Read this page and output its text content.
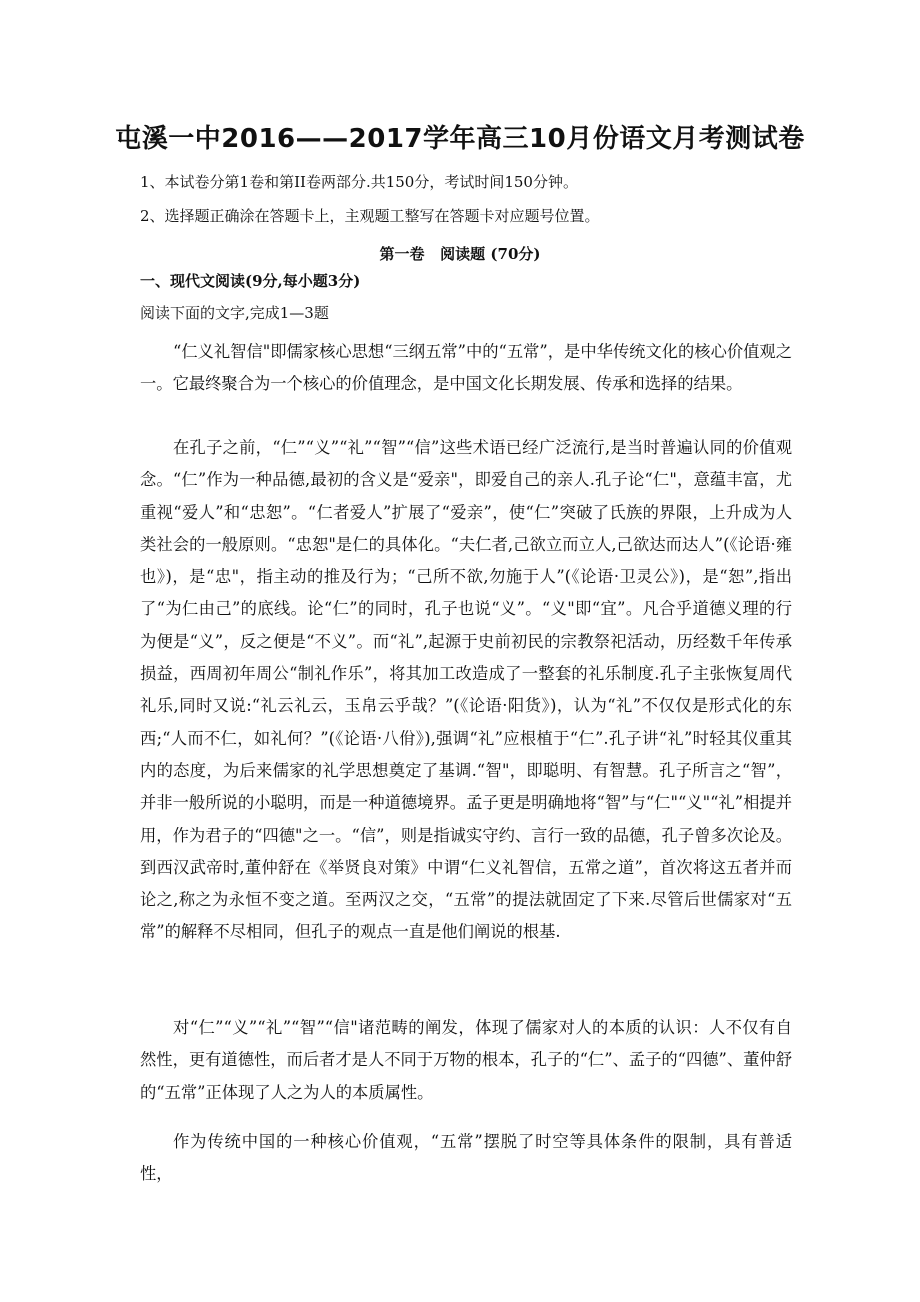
屯溪一中2016——2017学年高三10月份语文月考测试卷
1、本试卷分第1卷和第II卷两部分.共150分，考试时间150分钟。
2、选择题正确涂在答题卡上，主观题工整写在答题卡对应题号位置。
第一卷   阅读题 (70分)
一、现代文阅读(9分,每小题3分)
阅读下面的文字,完成1—3题

“仁义礼智信"即儒家核心思想“三纲五常”中的“五常”，是中华传统文化的核心价值观之一。它最终聚合为一个核心的价值理念，是中国文化长期发展、传承和选择的结果。

在孔子之前，“仁”“义”“礼”“智”“信”这些术语已经广泛流行,是当时普遍认同的价值观念。“仁”作为一种品德,最初的含义是“爱亲"，即爱自己的亲人.孔子论“仁"，意蕴丰富，尤重视“爱人”和“忠恕”。“仁者爱人”扩展了“爱亲”，使“仁”突破了氏族的界限，上升成为人类社会的一般原则。“忠恕"是仁的具体化。“夫仁者,己欲立而立人,己欲达而达人”(《论语·雍也》)，是“忠"，指主动的推及行为；“己所不欲,勿施于人”(《论语·卫灵公》)，是“恕”,指出了“为仁由己”的底线。论“仁”的同时，孔子也说“义”。“义"即“宜”。凡合乎道德义理的行为便是“义”，反之便是“不义”。而“礼”,起源于史前初民的宗教祭祀活动，历经数千年传承损益，西周初年周公“制礼作乐”，将其加工改造成了一整套的礼乐制度.孔子主张恢复周代礼乐,同时又说:“礼云礼云，玉帛云乎哉？”(《论语·阳货》)，认为“礼”不仅仅是形式化的东西;“人而不仁，如礼何？”(《论语·八佾》),强调“礼”应根植于“仁”.孔子讲“礼”时轻其仪重其内的态度，为后来儒家的礼学思想奠定了基调.“智"，即聪明、有智慧。孔子所言之“智”，并非一般所说的小聪明，而是一种道德境界。孟子更是明确地将“智”与“仁"“义"“礼”相提并用，作为君子的“四德"之一。“信”，则是指诚实守约、言行一致的品德，孔子曾多次论及。到西汉武帝时,董仲舒在《举贤良对策》中谓“仁义礼智信，五常之道”，首次将这五者并而论之,称之为永恒不变之道。至两汉之交，“五常”的提法就固定了下来.尽管后世儒家对“五常”的解释不尽相同，但孔子的观点一直是他们阐说的根基.

对“仁”“义”“礼”“智”“信"诸范畴的阐发，体现了儒家对人的本质的认识：人不仅有自然性，更有道德性，而后者才是人不同于万物的根本，孔子的“仁”、孟子的“四德”、董仲舒的“五常”正体现了人之为人的本质属性。

作为传统中国的一种核心价值观，“五常”摆脱了时空等具体条件的限制，具有普适性，
